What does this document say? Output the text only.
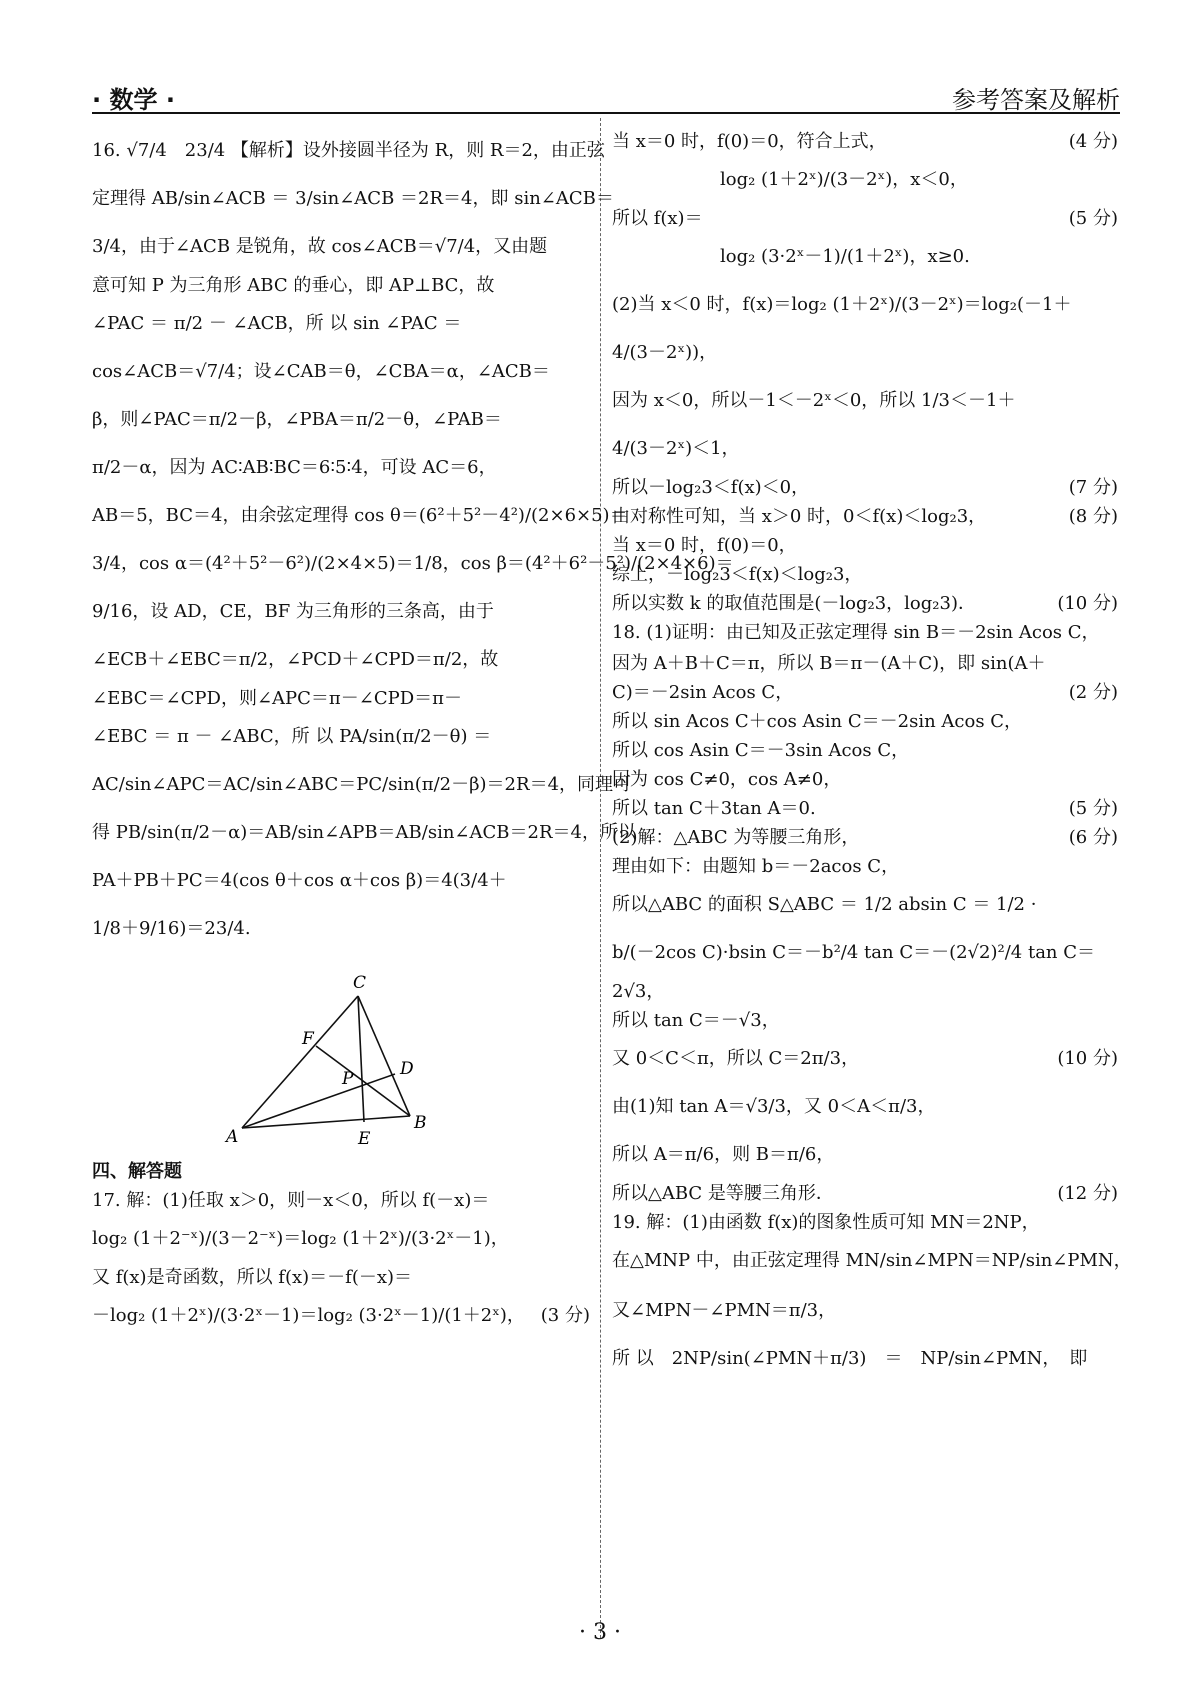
· 数学 ·	参考答案及解析
16. √7/4　23/4 【解析】设外接圆半径为 R，则 R＝2，由正弦
定理得 AB/sin∠ACB ＝ 3/sin∠ACB ＝2R＝4，即 sin∠ACB＝
3/4，由于∠ACB 是锐角，故 cos∠ACB＝√7/4，又由题
意可知 P 为三角形 ABC 的垂心，即 AP⊥BC，故
∠PAC ＝ π/2 － ∠ACB，所 以 sin ∠PAC ＝
cos∠ACB＝√7/4；设∠CAB＝θ，∠CBA＝α，∠ACB＝
β，则∠PAC＝π/2－β，∠PBA＝π/2－θ，∠PAB＝
π/2－α，因为 AC∶AB∶BC＝6∶5∶4，可设 AC＝6，
AB＝5，BC＝4，由余弦定理得 cos θ＝(6²＋5²－4²)/(2×6×5)＝
3/4，cos α＝(4²＋5²－6²)/(2×4×5)＝1/8，cos β＝(4²＋6²－5²)/(2×4×6)＝
9/16，设 AD，CE，BF 为三角形的三条高，由于
∠ECB＋∠EBC＝π/2，∠PCD＋∠CPD＝π/2，故
∠EBC＝∠CPD，则∠APC＝π－∠CPD＝π－
∠EBC ＝ π － ∠ABC，所 以 PA/sin(π/2－θ) ＝
AC/sin∠APC＝AC/sin∠ABC＝PC/sin(π/2－β)＝2R＝4，同理可
得 PB/sin(π/2－α)＝AB/sin∠APB＝AB/sin∠ACB＝2R＝4，所以
PA＋PB＋PC＝4(cos θ＋cos α＋cos β)＝4(3/4＋
1/8＋9/16)＝23/4.
C
F
D
P
A	E
B
四、解答题
17. 解：(1)任取 x＞0，则－x＜0，所以 f(－x)＝
log₂ (1＋2⁻ˣ)/(3－2⁻ˣ)＝log₂ (1＋2ˣ)/(3·2ˣ－1)，
又 f(x)是奇函数，所以 f(x)＝－f(－x)＝
－log₂ (1＋2ˣ)/(3·2ˣ－1)＝log₂ (3·2ˣ－1)/(1＋2ˣ)， (3 分)
当 x＝0 时，f(0)＝0，符合上式，	(4 分)
　　　　　　log₂ (1＋2ˣ)/(3－2ˣ)，x＜0，
所以 f(x)＝	(5 分)
　　　　　　log₂ (3·2ˣ－1)/(1＋2ˣ)，x≥0.
(2)当 x＜0 时，f(x)＝log₂ (1＋2ˣ)/(3－2ˣ)＝log₂(－1＋
4/(3－2ˣ))，
因为 x＜0，所以－1＜－2ˣ＜0，所以 1/3＜－1＋
4/(3－2ˣ)＜1，
所以－log₂3＜f(x)＜0，	(7 分)
由对称性可知，当 x＞0 时，0＜f(x)＜log₂3，	(8 分)
当 x＝0 时，f(0)＝0，
综上，－log₂3＜f(x)＜log₂3，
所以实数 k 的取值范围是(－log₂3，log₂3)．	(10 分)
18. (1)证明：由已知及正弦定理得 sin B＝－2sin Acos C，
因为 A＋B＋C＝π，所以 B＝π－(A＋C)，即 sin(A＋
C)＝－2sin Acos C，	(2 分)
所以 sin Acos C＋cos Asin C＝－2sin Acos C，
所以 cos Asin C＝－3sin Acos C，
因为 cos C≠0，cos A≠0，
所以 tan C＋3tan A＝0.	(5 分)
(2)解：△ABC 为等腰三角形，	(6 分)
理由如下：由题知 b＝－2acos C，
所以△ABC 的面积 S△ABC ＝ 1/2 absin C ＝ 1/2 ·
b/(－2cos C)·bsin C＝－b²/4 tan C＝－(2√2)²/4 tan C＝
2√3，
所以 tan C＝－√3，
又 0＜C＜π，所以 C＝2π/3，	(10 分)
由(1)知 tan A＝√3/3，又 0＜A＜π/3，
所以 A＝π/6，则 B＝π/6，
所以△ABC 是等腰三角形．	(12 分)
19. 解：(1)由函数 f(x)的图象性质可知 MN＝2NP，
在△MNP 中，由正弦定理得 MN/sin∠MPN＝NP/sin∠PMN，
又∠MPN－∠PMN＝π/3，
所 以　2NP/sin(∠PMN＋π/3)　＝　NP/sin∠PMN，　即
· 3 ·
